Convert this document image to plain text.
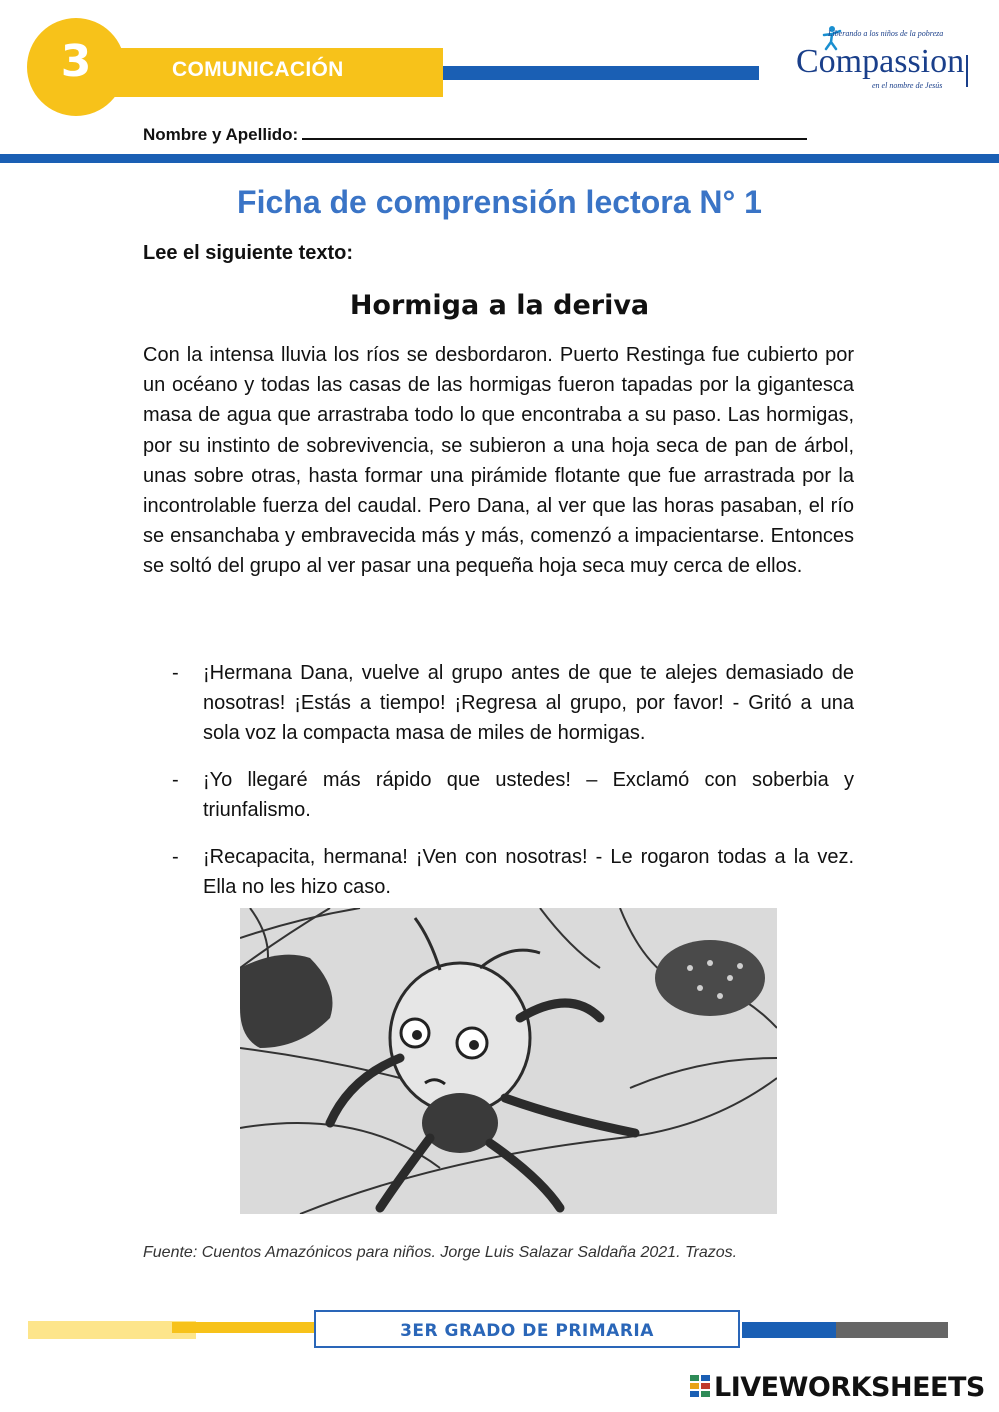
3	COMUNICACIÓN
Liberando a los niños de la pobreza
Compassion
en el nombre de Jesús
Nombre y Apellido:
Ficha de comprensión lectora N° 1
Lee el siguiente texto:
Hormiga a la deriva

Con la intensa lluvia los ríos se desbordaron. Puerto Restinga fue cubierto por un océano y todas las casas de las hormigas fueron tapadas por la gigantesca masa de agua que arrastraba todo lo que encontraba a su paso. Las hormigas, por su instinto de sobrevivencia, se subieron a una hoja seca de pan de árbol, unas sobre otras, hasta formar una pirámide flotante que fue arrastrada por la incontrolable fuerza del caudal. Pero Dana, al ver que las horas pasaban, el río se ensanchaba y embravecida más y más, comenzó a impacientarse. Entonces se soltó del grupo al ver pasar una pequeña hoja seca muy cerca de ellos.

- ¡Hermana Dana, vuelve al grupo antes de que te alejes demasiado de nosotras! ¡Estás a tiempo! ¡Regresa al grupo, por favor! - Gritó a una sola voz la compacta masa de miles de hormigas.
- ¡Yo llegaré más rápido que ustedes! – Exclamó con soberbia y triunfalismo.
- ¡Recapacita, hermana! ¡Ven con nosotras! - Le rogaron todas a la vez. Ella no les hizo caso.
Fuente: Cuentos Amazónicos para niños. Jorge Luis Salazar Saldaña 2021. Trazos.
3ER GRADO DE PRIMARIA
LIVEWORKSHEETS
